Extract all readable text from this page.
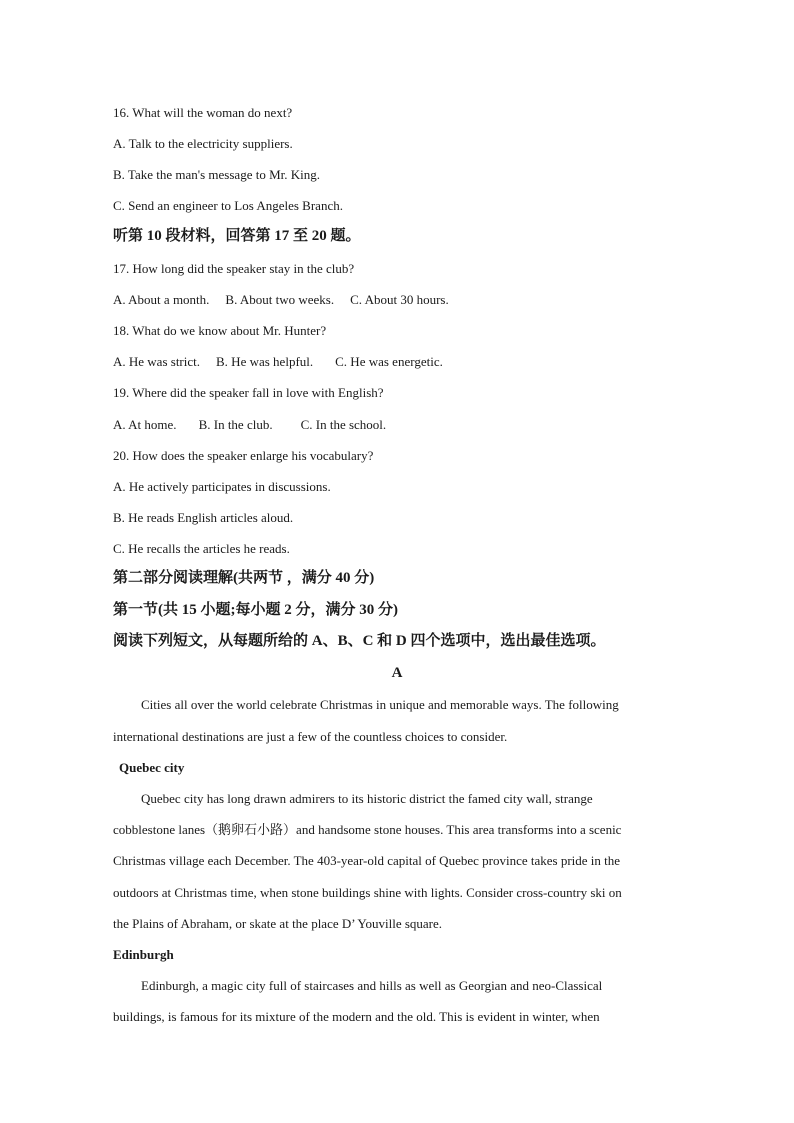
16. What will the woman do next?
A. Talk to the electricity suppliers.
B. Take the man's message to Mr. King.
C. Send an engineer to Los Angeles Branch.
听第 10 段材料，回答第 17 至 20 题。
17. How long did the speaker stay in the club?
A. About a month. B. About two weeks. C. About 30 hours.
18. What do we know about Mr. Hunter?
A. He was strict. B. He was helpful. C. He was energetic.
19. Where did the speaker fall in love with English?
A. At home. B. In the club. C. In the school.
20. How does the speaker enlarge his vocabulary?
A. He actively participates in discussions.
B. He reads English articles aloud.
C. He recalls the articles he reads.
第二部分阅读理解(共两节 ，满分 40 分)
第一节(共 15 小题;每小题 2 分，满分 30 分)
阅读下列短文，从每题所给的 A、B、C 和 D 四个选项中，选出最佳选项。
A
Cities all over the world celebrate Christmas in unique and memorable ways. The following
international destinations are just a few of the countless choices to consider.
Quebec city
Quebec city has long drawn admirers to its historic district the famed city wall, strange
cobblestone lanes（鹅卵石小路）and handsome stone houses. This area transforms into a scenic
Christmas village each December. The 403-year-old capital of Quebec province takes pride in the
outdoors at Christmas time, when stone buildings shine with lights. Consider cross-country ski on
the Plains of Abraham, or skate at the place D’ Youville square.
Edinburgh
Edinburgh, a magic city full of staircases and hills as well as Georgian and neo-Classical
buildings, is famous for its mixture of the modern and the old. This is evident in winter, when
